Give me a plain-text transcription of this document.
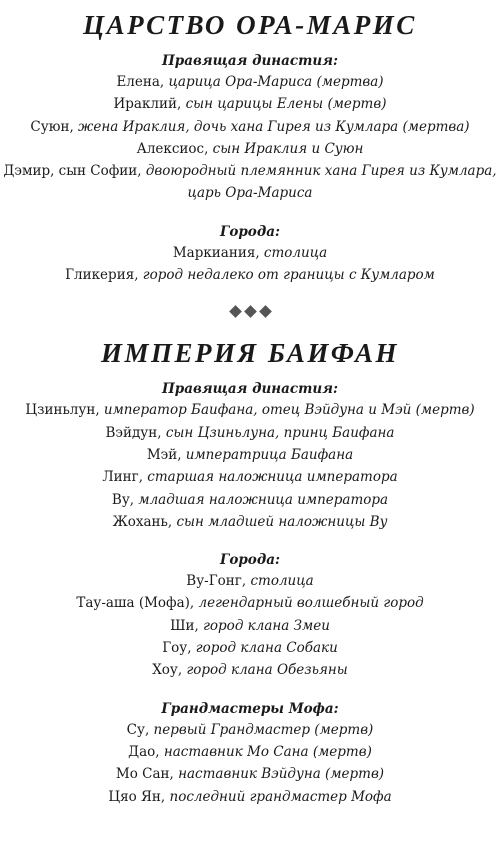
ЦАРСТВО ОРА-МАРИС

Правящая династия:

Елена, царица Ора-Мариса (мертва)

Ираклий, сын царицы Елены (мертв)

Суюн, жена Ираклия, дочь хана Гирея из Кумлара (мертва)

Алексиос, сын Ираклия и Суюн

Дэмир, сын Софии, двоюродный племянник хана Гирея из Кумлара,

царь Ора-Мариса

Города:

Маркиания, столица

Гликерия, город недалеко от границы с Кумларом

ИМПЕРИЯ БАИФАН

Правящая династия:

Цзиньлун, император Баифана, отец Вэйдуна и Мэй (мертв)

Вэйдун, сын Цзиньлуна, принц Баифана

Мэй, императрица Баифана

Линг, старшая наложница императора

Ву, младшая наложница императора

Жохань, сын младшей наложницы Ву

Города:

Ву-Гонг, столица

Тау-аша (Мофа), легендарный волшебный город

Ши, город клана Змеи

Гоу, город клана Собаки

Хоу, город клана Обезьяны

Грандмастеры Мофа:

Су, первый Грандмастер (мертв)

Дао, наставник Мо Сана (мертв)

Мо Сан, наставник Вэйдуна (мертв)

Цяо Ян, последний грандмастер Мофа
